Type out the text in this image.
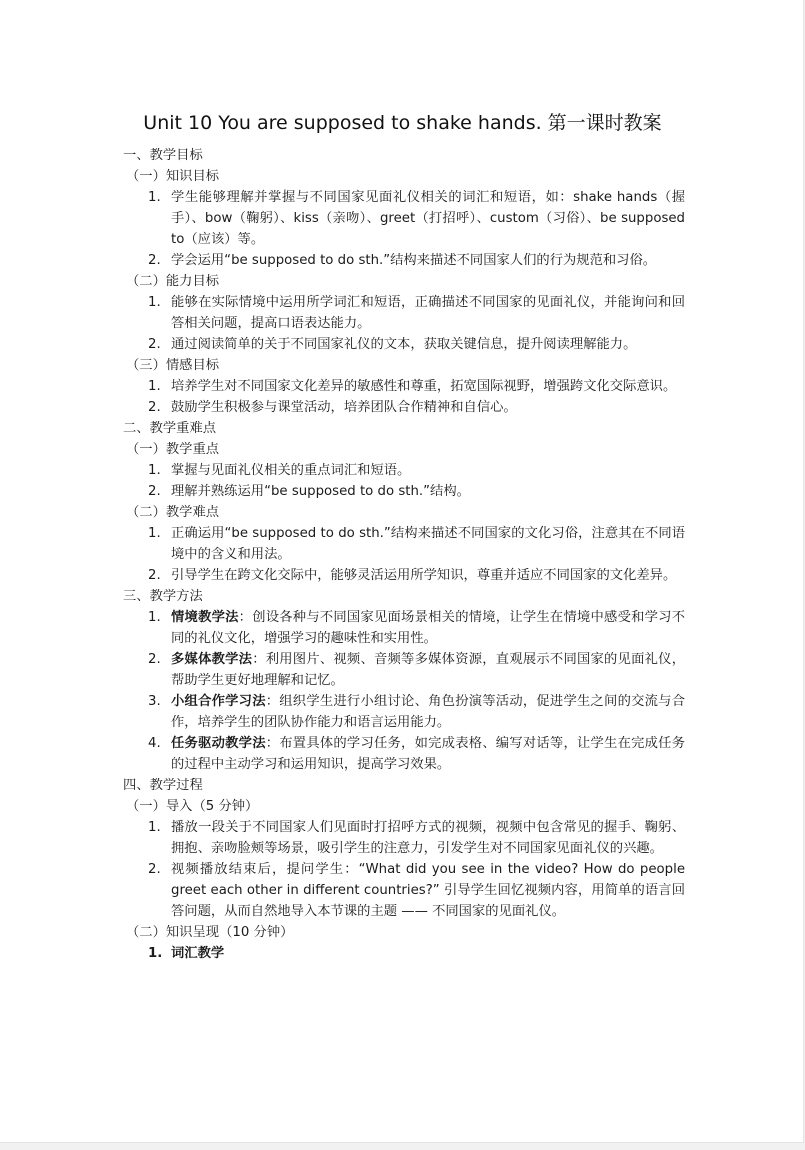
Unit 10 You are supposed to shake hands. 第一课时教案

一、教学目标

（一）知识目标

1. 学生能够理解并掌握与不同国家见面礼仪相关的词汇和短语，如：shake hands（握手）、bow（鞠躬）、kiss（亲吻）、greet（打招呼）、custom（习俗）、be supposed to（应该）等。
2. 学会运用“be supposed to do sth.”结构来描述不同国家人们的行为规范和习俗。

（二）能力目标

1. 能够在实际情境中运用所学词汇和短语，正确描述不同国家的见面礼仪，并能询问和回答相关问题，提高口语表达能力。
2. 通过阅读简单的关于不同国家礼仪的文本，获取关键信息，提升阅读理解能力。

（三）情感目标

1. 培养学生对不同国家文化差异的敏感性和尊重，拓宽国际视野，增强跨文化交际意识。
2. 鼓励学生积极参与课堂活动，培养团队合作精神和自信心。

二、教学重难点

（一）教学重点

1. 掌握与见面礼仪相关的重点词汇和短语。
2. 理解并熟练运用“be supposed to do sth.”结构。

（二）教学难点

1. 正确运用“be supposed to do sth.”结构来描述不同国家的文化习俗，注意其在不同语境中的含义和用法。
2. 引导学生在跨文化交际中，能够灵活运用所学知识，尊重并适应不同国家的文化差异。

三、教学方法

1. 情境教学法：创设各种与不同国家见面场景相关的情境，让学生在情境中感受和学习不同的礼仪文化，增强学习的趣味性和实用性。
2. 多媒体教学法：利用图片、视频、音频等多媒体资源，直观展示不同国家的见面礼仪，帮助学生更好地理解和记忆。
3. 小组合作学习法：组织学生进行小组讨论、角色扮演等活动，促进学生之间的交流与合作，培养学生的团队协作能力和语言运用能力。
4. 任务驱动教学法：布置具体的学习任务，如完成表格、编写对话等，让学生在完成任务的过程中主动学习和运用知识，提高学习效果。

四、教学过程

（一）导入（5 分钟）

1. 播放一段关于不同国家人们见面时打招呼方式的视频，视频中包含常见的握手、鞠躬、拥抱、亲吻脸颊等场景，吸引学生的注意力，引发学生对不同国家见面礼仪的兴趣。
2. 视频播放结束后，提问学生：“What did you see in the video? How do people greet each other in different countries?” 引导学生回忆视频内容，用简单的语言回答问题，从而自然地导入本节课的主题 —— 不同国家的见面礼仪。

（二）知识呈现（10 分钟）

1. 词汇教学
